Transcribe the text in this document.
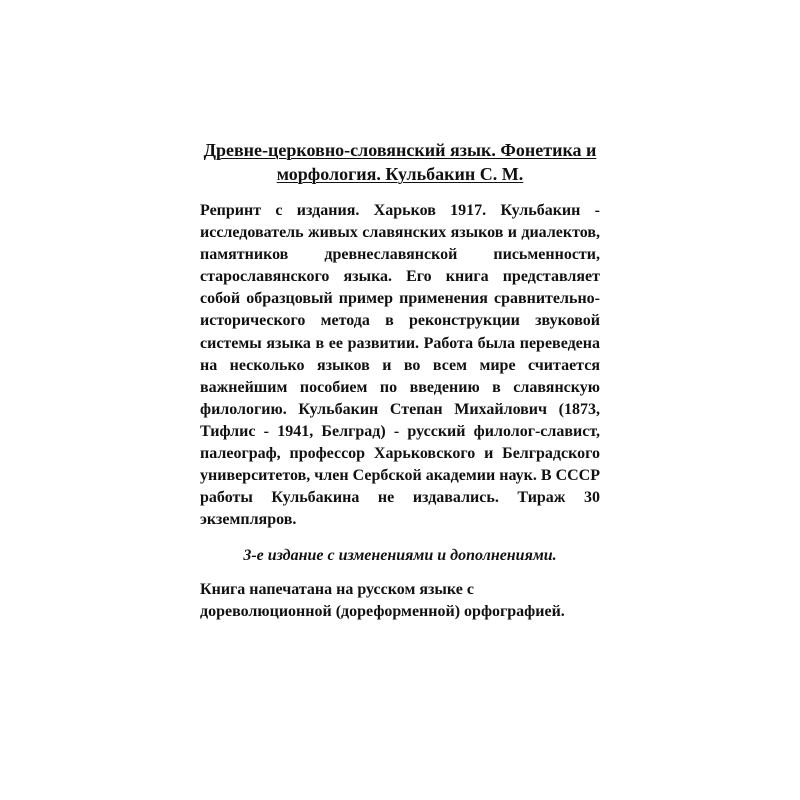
Древне-церковно-словянский язык. Фонетика и морфология. Кульбакин С. М.

Репринт с издания. Харьков 1917. Кульбакин - исследователь живых славянских языков и диалектов, памятников древнеславянской письменности, старославянского языка. Его книга представляет собой образцовый пример применения сравнительно-исторического метода в реконструкции звуковой системы языка в ее развитии. Работа была переведена на несколько языков и во всем мире считается важнейшим пособием по введению в славянскую филологию. Кульбакин Степан Михайлович (1873, Тифлис - 1941, Белград) - русский филолог-славист, палеограф, профессор Харьковского и Белградского университетов, член Сербской академии наук. В СССР работы Кульбакина не издавались. Тираж 30 экземпляров.

3-е издание с изменениями и дополнениями.

Книга напечатана на русском языке с дореволюционной (дореформенной) орфографией.
